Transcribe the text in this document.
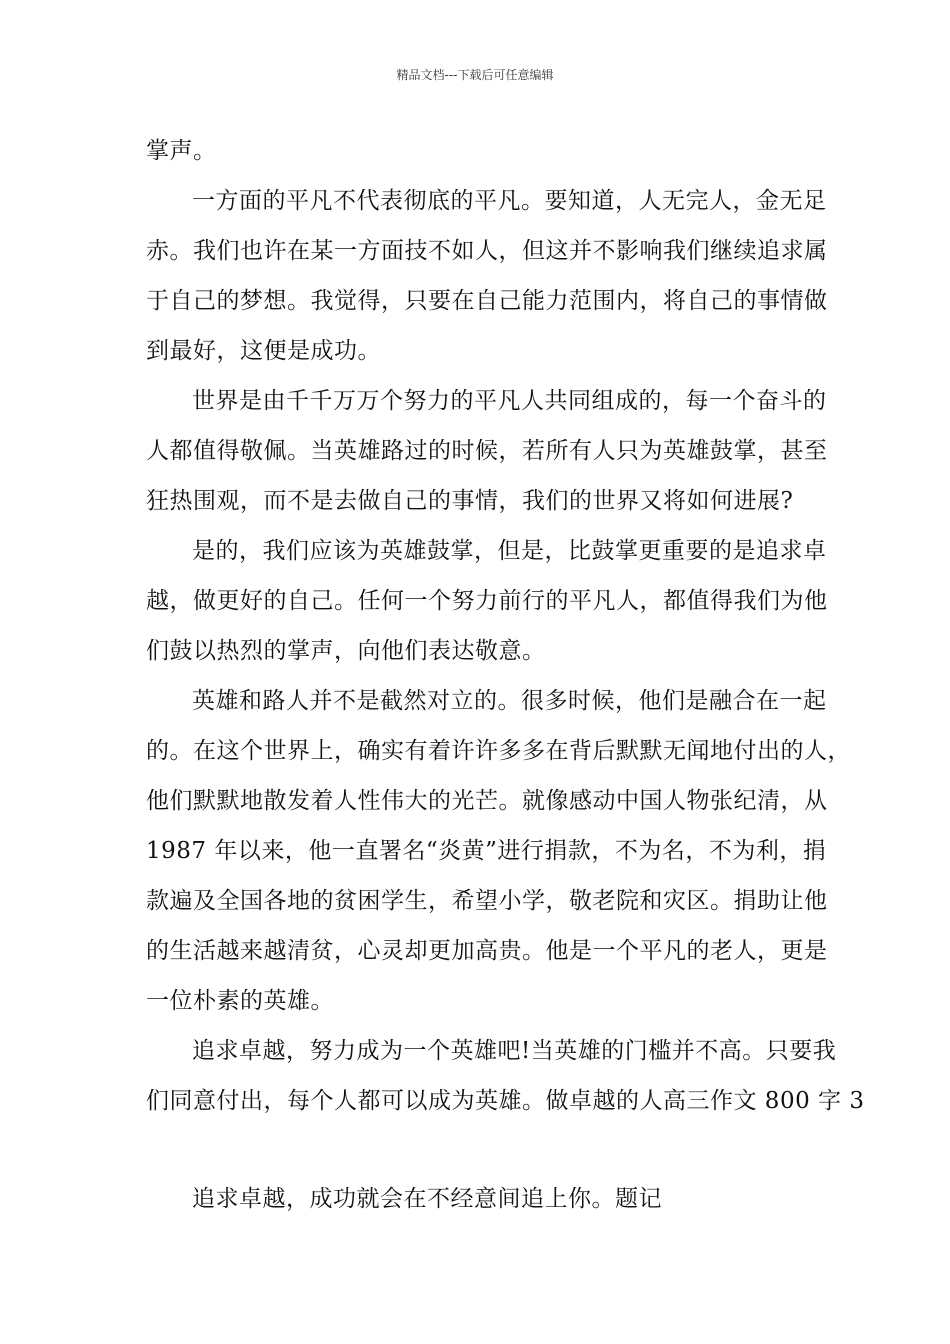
精品文档---下载后可任意编辑
掌声。
一方面的平凡不代表彻底的平凡。要知道，人无完人，金无足
赤。我们也许在某一方面技不如人，但这并不影响我们继续追求属
于自己的梦想。我觉得，只要在自己能力范围内，将自己的事情做
到最好，这便是成功。
世界是由千千万万个努力的平凡人共同组成的，每一个奋斗的
人都值得敬佩。当英雄路过的时候，若所有人只为英雄鼓掌，甚至
狂热围观，而不是去做自己的事情，我们的世界又将如何进展?
是的，我们应该为英雄鼓掌，但是，比鼓掌更重要的是追求卓
越，做更好的自己。任何一个努力前行的平凡人，都值得我们为他
们鼓以热烈的掌声，向他们表达敬意。
英雄和路人并不是截然对立的。很多时候，他们是融合在一起
的。在这个世界上，确实有着许许多多在背后默默无闻地付出的人，
他们默默地散发着人性伟大的光芒。就像感动中国人物张纪清，从
1987 年以来，他一直署名“炎黄”进行捐款，不为名，不为利，捐
款遍及全国各地的贫困学生，希望小学，敬老院和灾区。捐助让他
的生活越来越清贫，心灵却更加高贵。他是一个平凡的老人，更是
一位朴素的英雄。
追求卓越，努力成为一个英雄吧!当英雄的门槛并不高。只要我
们同意付出，每个人都可以成为英雄。做卓越的人高三作文 800 字 3
追求卓越，成功就会在不经意间追上你。题记
